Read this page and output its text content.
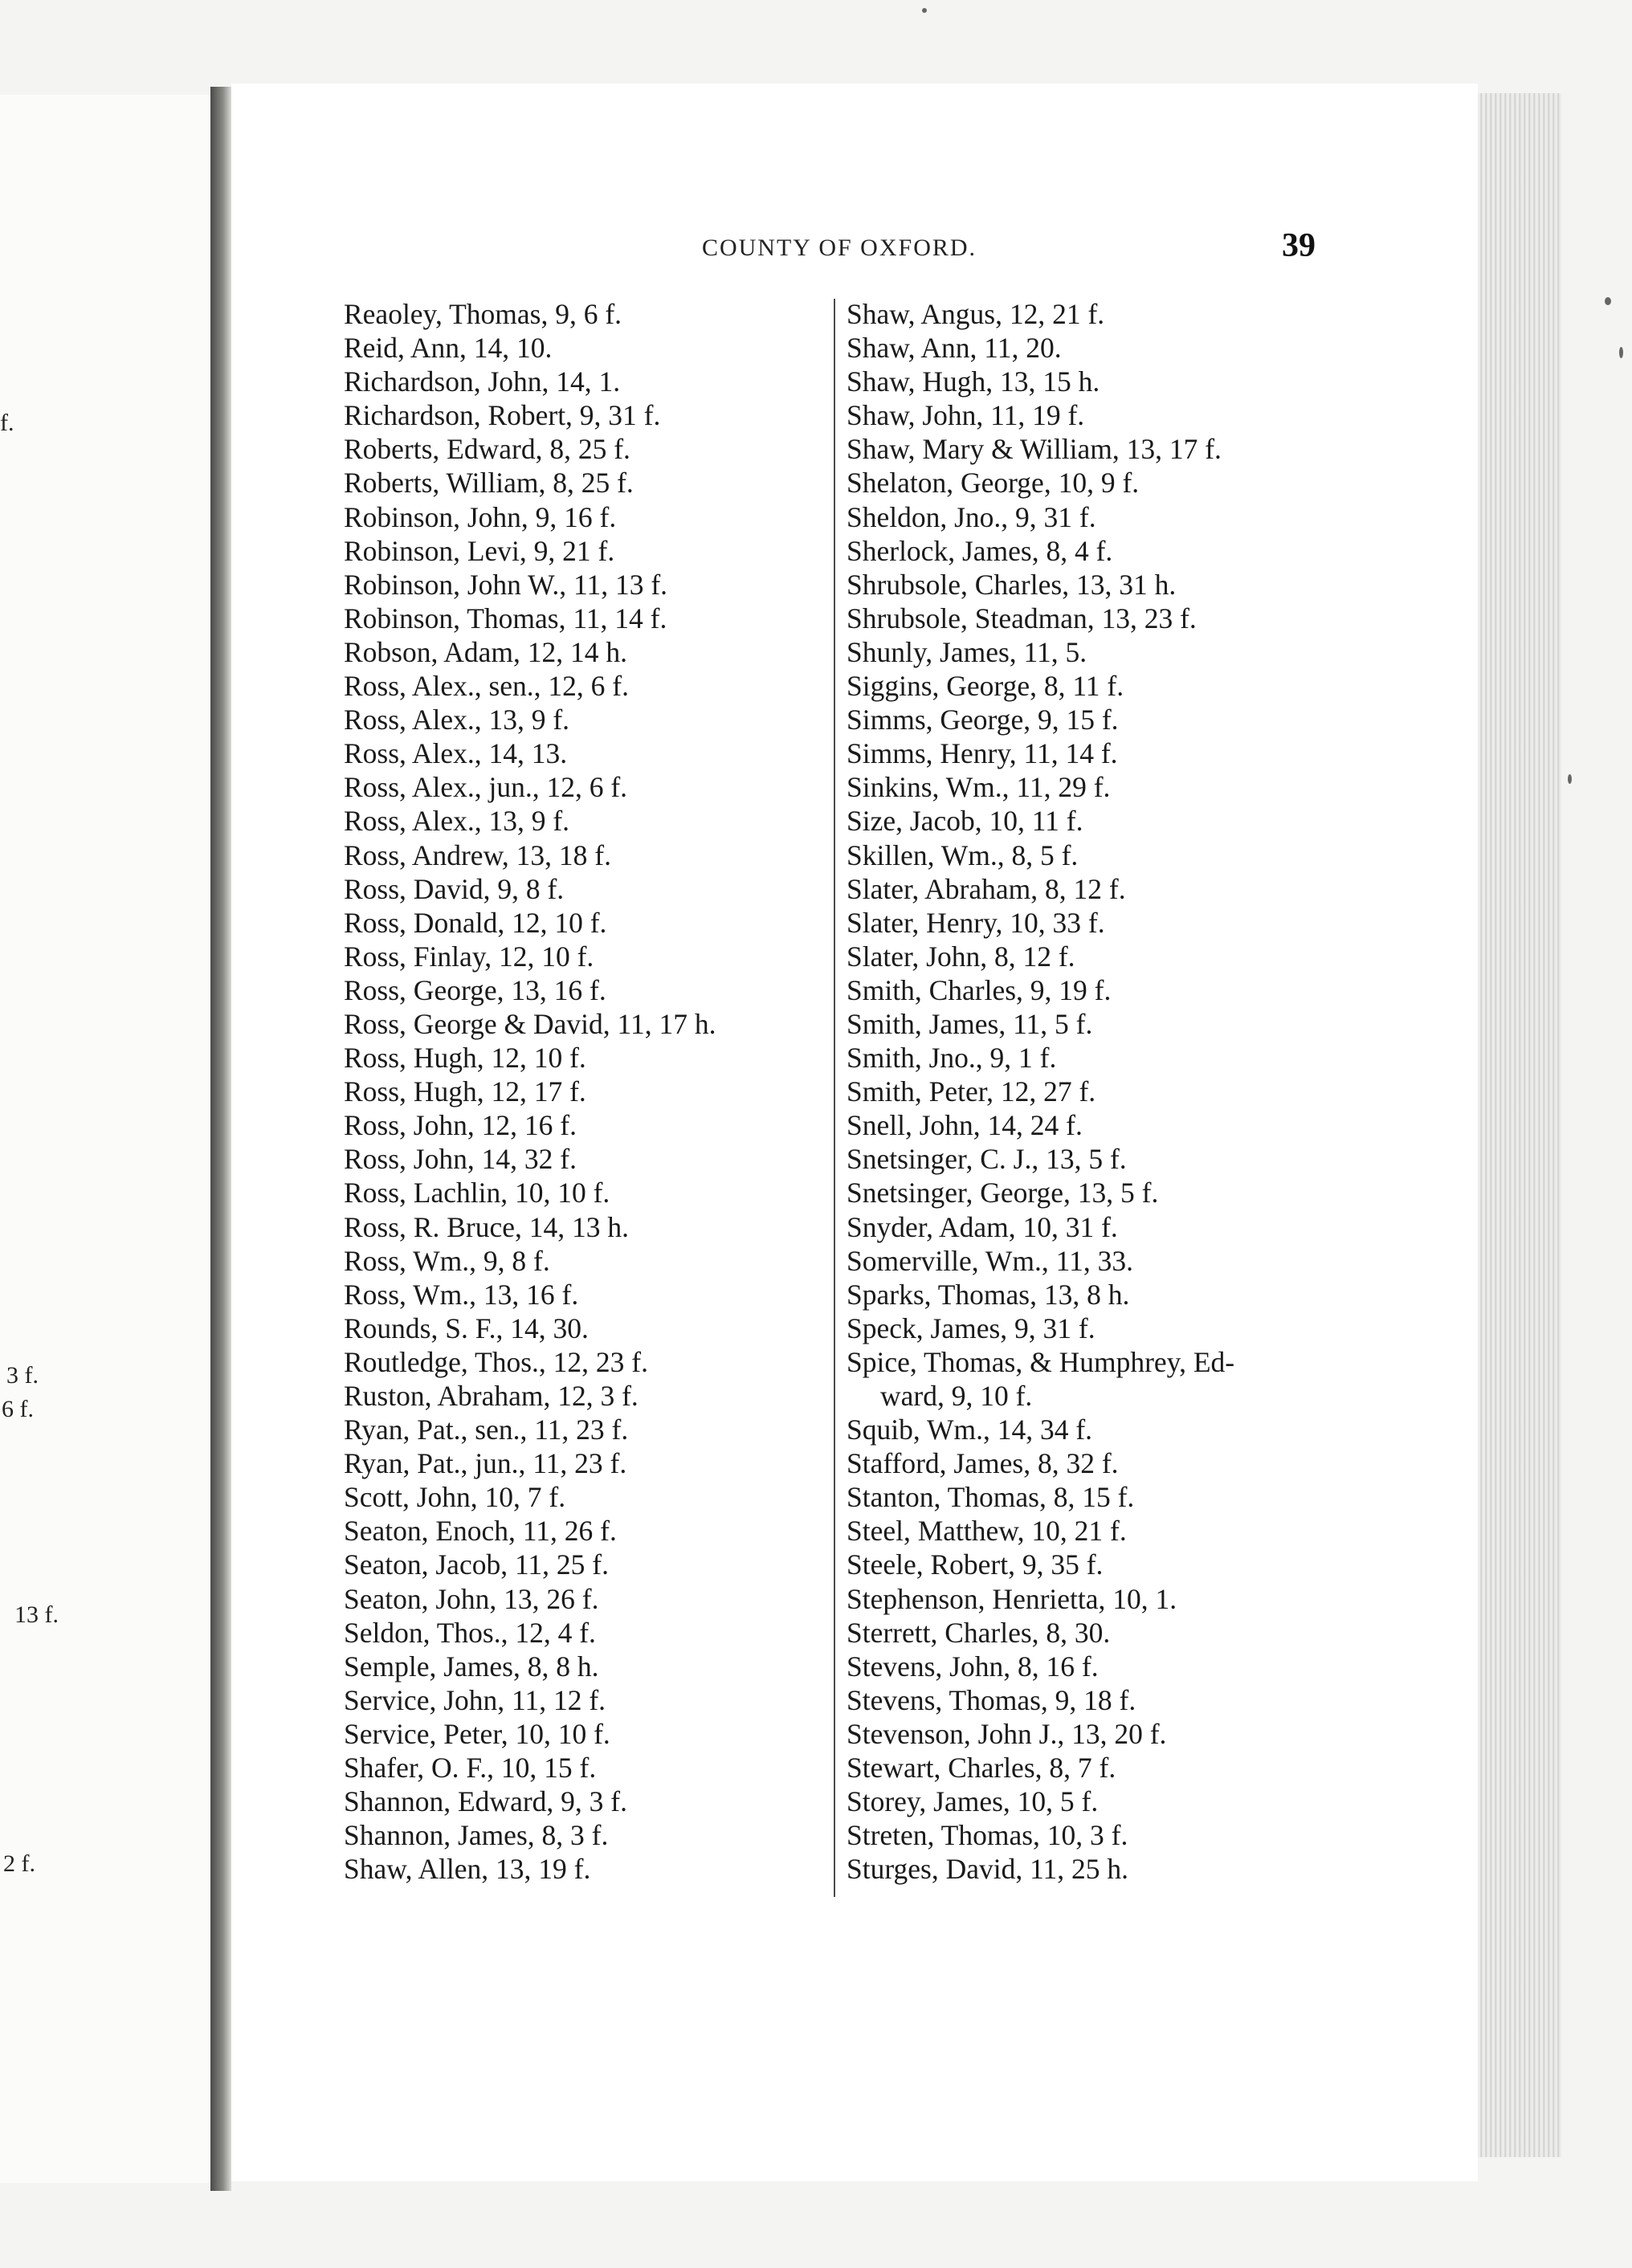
f.
3 f.
6 f.
13 f.
2 f.
COUNTY OF OXFORD.	39
Reaoley, Thomas, 9, 6 f.
Reid, Ann, 14, 10.
Richardson, John, 14, 1.
Richardson, Robert, 9, 31 f.
Roberts, Edward, 8, 25 f.
Roberts, William, 8, 25 f.
Robinson, John, 9, 16 f.
Robinson, Levi, 9, 21 f.
Robinson, John W., 11, 13 f.
Robinson, Thomas, 11, 14 f.
Robson, Adam, 12, 14 h.
Ross, Alex., sen., 12, 6 f.
Ross, Alex., 13, 9 f.
Ross, Alex., 14, 13.
Ross, Alex., jun., 12, 6 f.
Ross, Alex., 13, 9 f.
Ross, Andrew, 13, 18 f.
Ross, David, 9, 8 f.
Ross, Donald, 12, 10 f.
Ross, Finlay, 12, 10 f.
Ross, George, 13, 16 f.
Ross, George & David, 11, 17 h.
Ross, Hugh, 12, 10 f.
Ross, Hugh, 12, 17 f.
Ross, John, 12, 16 f.
Ross, John, 14, 32 f.
Ross, Lachlin, 10, 10 f.
Ross, R. Bruce, 14, 13 h.
Ross, Wm., 9, 8 f.
Ross, Wm., 13, 16 f.
Rounds, S. F., 14, 30.
Routledge, Thos., 12, 23 f.
Ruston, Abraham, 12, 3 f.
Ryan, Pat., sen., 11, 23 f.
Ryan, Pat., jun., 11, 23 f.
Scott, John, 10, 7 f.
Seaton, Enoch, 11, 26 f.
Seaton, Jacob, 11, 25 f.
Seaton, John, 13, 26 f.
Seldon, Thos., 12, 4 f.
Semple, James, 8, 8 h.
Service, John, 11, 12 f.
Service, Peter, 10, 10 f.
Shafer, O. F., 10, 15 f.
Shannon, Edward, 9, 3 f.
Shannon, James, 8, 3 f.
Shaw, Allen, 13, 19 f.
Shaw, Angus, 12, 21 f.
Shaw, Ann, 11, 20.
Shaw, Hugh, 13, 15 h.
Shaw, John, 11, 19 f.
Shaw, Mary & William, 13, 17 f.
Shelaton, George, 10, 9 f.
Sheldon, Jno., 9, 31 f.
Sherlock, James, 8, 4 f.
Shrubsole, Charles, 13, 31 h.
Shrubsole, Steadman, 13, 23 f.
Shunly, James, 11, 5.
Siggins, George, 8, 11 f.
Simms, George, 9, 15 f.
Simms, Henry, 11, 14 f.
Sinkins, Wm., 11, 29 f.
Size, Jacob, 10, 11 f.
Skillen, Wm., 8, 5 f.
Slater, Abraham, 8, 12 f.
Slater, Henry, 10, 33 f.
Slater, John, 8, 12 f.
Smith, Charles, 9, 19 f.
Smith, James, 11, 5 f.
Smith, Jno., 9, 1 f.
Smith, Peter, 12, 27 f.
Snell, John, 14, 24 f.
Snetsinger, C. J., 13, 5 f.
Snetsinger, George, 13, 5 f.
Snyder, Adam, 10, 31 f.
Somerville, Wm., 11, 33.
Sparks, Thomas, 13, 8 h.
Speck, James, 9, 31 f.
Spice, Thomas, & Humphrey, Ed-
ward, 9, 10 f.
Squib, Wm., 14, 34 f.
Stafford, James, 8, 32 f.
Stanton, Thomas, 8, 15 f.
Steel, Matthew, 10, 21 f.
Steele, Robert, 9, 35 f.
Stephenson, Henrietta, 10, 1.
Sterrett, Charles, 8, 30.
Stevens, John, 8, 16 f.
Stevens, Thomas, 9, 18 f.
Stevenson, John J., 13, 20 f.
Stewart, Charles, 8, 7 f.
Storey, James, 10, 5 f.
Streten, Thomas, 10, 3 f.
Sturges, David, 11, 25 h.
